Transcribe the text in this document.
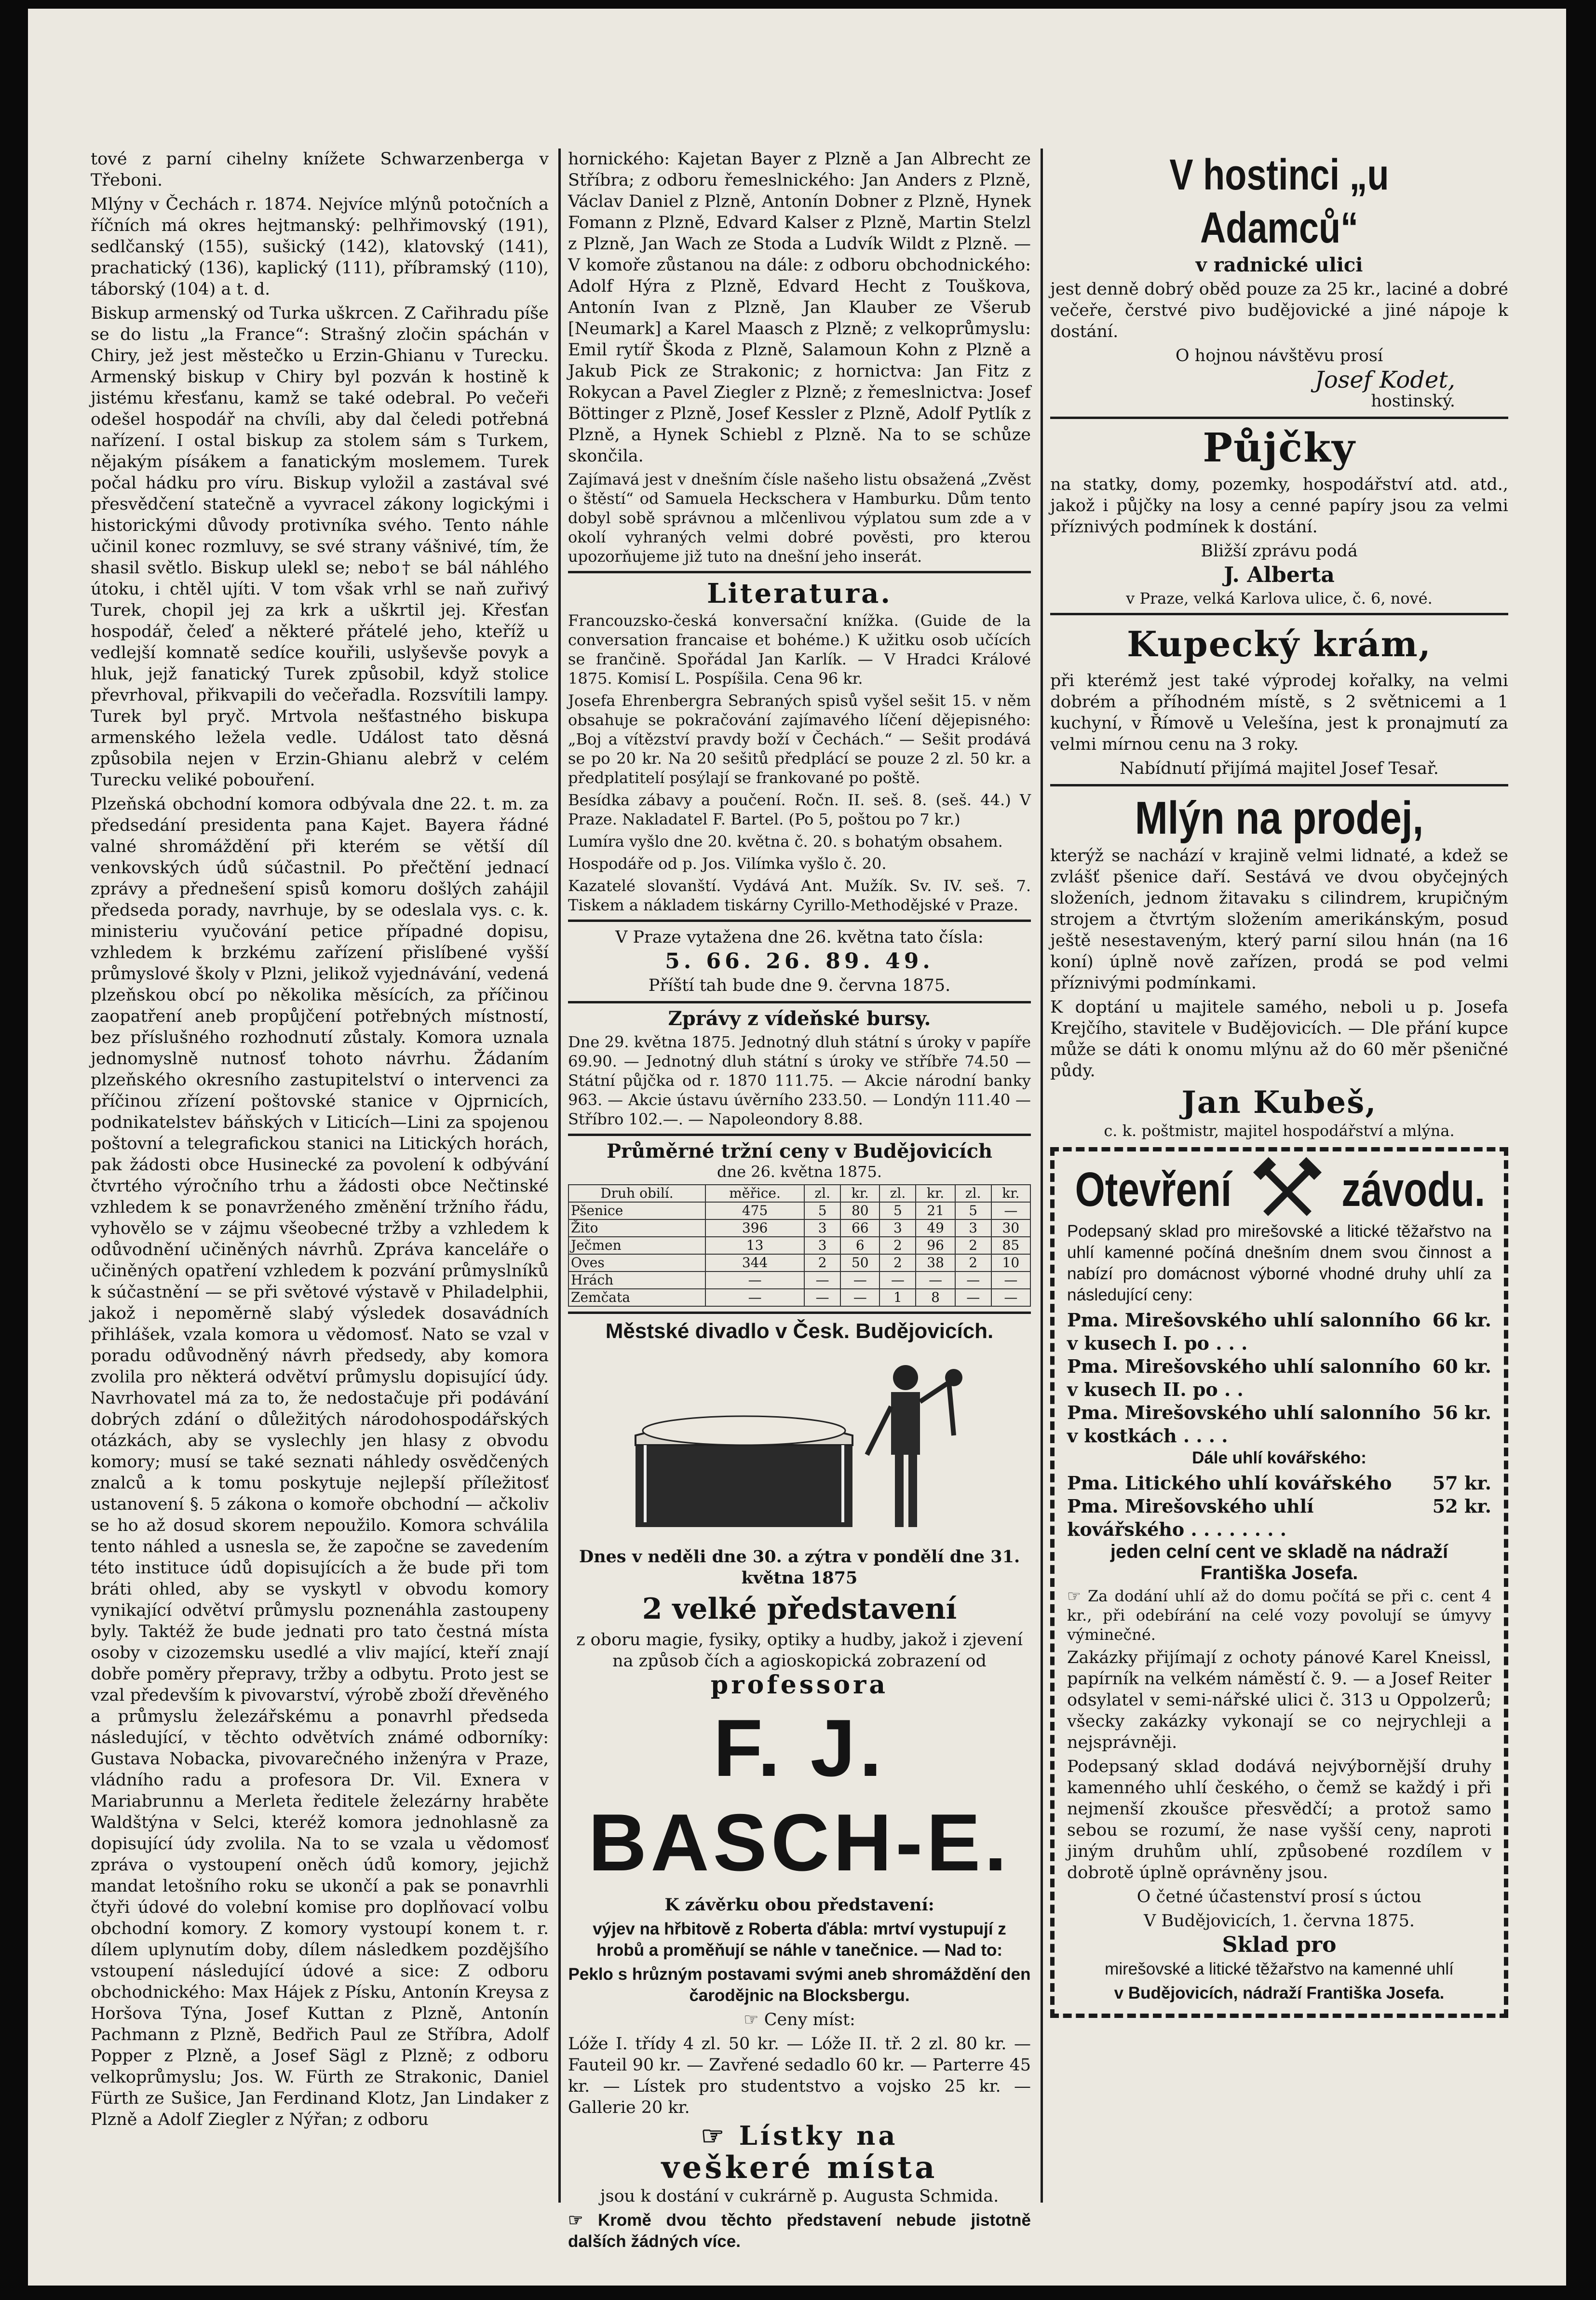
tové z parní cihelny knížete Schwarzenberga v Třeboni.

Mlýny v Čechách r. 1874. Nejvíce mlýnů potočních a říčních má okres hejtmanský: pelhřimovský (191), sedlčanský (155), sušický (142), klatovský (141), prachatický (136), kaplický (111), příbramský (110), táborský (104) a t. d.

Biskup armenský od Turka uškrcen. Z Cařihradu píše se do listu „la France“: Strašný zločin spáchán v Chiry, jež jest městečko u Erzin-Ghianu v Turecku. Armenský biskup v Chiry byl pozván k hostině k jistému křesťanu, kamž se také odebral. Po večeři odešel hospodář na chvíli, aby dal čeledi potřebná nařízení. I ostal biskup za stolem sám s Turkem, nějakým písákem a fanatickým moslemem. Turek počal hádku pro víru. Biskup vyložil a zastával své přesvědčení statečně a vyvracel zákony logickými i historickými důvody protivníka svého. Tento náhle učinil konec rozmluvy, se své strany vášnivé, tím, že shasil světlo. Biskup ulekl se; nebo† se bál náhlého útoku, i chtěl ujíti. V tom však vrhl se naň zuřivý Turek, chopil jej za krk a uškrtil jej. Křesťan hospodář, čeleď a některé přátelé jeho, kteříž u vedlejší komnatě sedíce kouřili, uslyševše povyk a hluk, jejž fanatický Turek způsobil, když stolice převrhoval, přikvapili do večeřadla. Rozsvítili lampy. Turek byl pryč. Mrtvola nešťastného biskupa armenského ležela vedle. Událost tato děsná způsobila nejen v Erzin-Ghianu alebrž v celém Turecku veliké pobouření.

Plzeňská obchodní komora odbývala dne 22. t. m. za předsedání presidenta pana Kajet. Bayera řádné valné shromáždění při kterém se větší díl venkovských údů súčastnil. Po přečtění jednací zprávy a přednešení spisů komoru došlých zahájil předseda porady, navrhuje, by se odeslala vys. c. k. ministeriu vyučování petice případné dopisu, vzhledem k brzkému zařízení přislíbené vyšší průmyslové školy v Plzni, jelikož vyjednávání, vedená plzeňskou obcí po několika měsících, za příčinou zaopatření aneb propůjčení potřebných místností, bez příslušného rozhodnutí zůstaly. Komora uznala jednomyslně nutnosť tohoto návrhu. Žádaním plzeňského okresního zastupitelství o intervenci za příčinou zřízení poštovské stanice v Ojprnicích, podnikatelstev báňských v Liticích—Lini za spojenou poštovní a telegrafickou stanici na Litických horách, pak žádosti obce Husinecké za povolení k odbývání čtvrtého výročního trhu a žádosti obce Nečtinské vzhledem k se ponavrženého změnění tržního řádu, vyhovělo se v zájmu všeobecné tržby a vzhledem k odůvodnění učiněných návrhů. Zpráva kanceláře o učiněných opatření vzhledem k pozvání průmyslníků k súčastnění — se při světové výstavě v Philadelphii, jakož i nepoměrně slabý výsledek dosavádních přihlášek, vzala komora u vědomosť. Nato se vzal v poradu odůvodněný návrh předsedy, aby komora zvolila pro některá odvětví průmyslu dopisující údy. Navrhovatel má za to, že nedostačuje při podávání dobrých zdání o důležitých národohospodářských otázkách, aby se vyslechly jen hlasy z obvodu komory; musí se také seznati náhledy osvědčených znalců a k tomu poskytuje nejlepší příležitosť ustanovení §. 5 zákona o komoře obchodní — ačkoliv se ho až dosud skorem nepoužilo. Komora schválila tento náhled a usnesla se, že započne se zavedením této instituce údů dopisujících a že bude při tom bráti ohled, aby se vyskytl v obvodu komory vynikající odvětví průmyslu poznenáhla zastoupeny byly. Taktéž že bude jednati pro tato čestná místa osoby v cizozemsku usedlé a vliv mající, kteří znají dobře poměry přepravy, tržby a odbytu. Proto jest se vzal především k pivovarství, výrobě zboží dřevěného a průmyslu železářskému a ponavrhl předseda následující, v těchto odvětvích známé odborníky: Gustava Nobacka, pivovarečného inženýra v Praze, vládního radu a profesora Dr. Vil. Exnera v Mariabrunnu a Merleta ředitele železárny hraběte Waldštýna v Selci, kteréž komora jednohlasně za dopisující údy zvolila. Na to se vzala u vědomosť zpráva o vystoupení oněch údů komory, jejichž mandat letošního roku se ukončí a pak se ponavrhli čtyři údové do volební komise pro doplňovací volbu obchodní komory. Z komory vystoupí konem t. r. dílem uplynutím doby, dílem následkem pozdějšího vstoupení následující údové a sice: Z odboru obchodnického: Max Hájek z Písku, Antonín Kreysa z Horšova Týna, Josef Kuttan z Plzně, Antonín Pachmann z Plzně, Bedřich Paul ze Stříbra, Adolf Popper z Plzně, a Josef Sägl z Plzně; z odboru velkoprůmyslu; Jos. W. Fürth ze Strakonic, Daniel Fürth ze Sušice, Jan Ferdinand Klotz, Jan Lindaker z Plzně a Adolf Ziegler z Nýřan; z odboru

hornického: Kajetan Bayer z Plzně a Jan Albrecht ze Stříbra; z odboru řemeslnického: Jan Anders z Plzně, Václav Daniel z Plzně, Antonín Dobner z Plzně, Hynek Fomann z Plzně, Edvard Kalser z Plzně, Martin Stelzl z Plzně, Jan Wach ze Stoda a Ludvík Wildt z Plzně. — V komoře zůstanou na dále: z odboru obchodnického: Adolf Hýra z Plzně, Edvard Hecht z Touškova, Antonín Ivan z Plzně, Jan Klauber ze Všerub [Neumark] a Karel Maasch z Plzně; z velkoprůmyslu: Emil rytíř Škoda z Plzně, Salamoun Kohn z Plzně a Jakub Pick ze Strakonic; z hornictva: Jan Fitz z Rokycan a Pavel Ziegler z Plzně; z řemeslnictva: Josef Böttinger z Plzně, Josef Kessler z Plzně, Adolf Pytlík z Plzně, a Hynek Schiebl z Plzně. Na to se schůze skončila.

Zajímavá jest v dnešním čísle našeho listu obsažená „Zvěst o štěstí“ od Samuela Heckschera v Hamburku. Dům tento dobyl sobě správnou a mlčenlivou výplatou sum zde a v okolí vyhraných velmi dobré pověsti, pro kterou upozorňujeme již tuto na dnešní jeho inserát.

Literatura.

Francouzsko-česká konversační knížka. (Guide de la conversation francaise et bohéme.) K užitku osob učících se frančině. Spořádal Jan Karlík. — V Hradci Králové 1875. Komisí L. Pospíšila. Cena 96 kr.

Josefa Ehrenbergra Sebraných spisů vyšel sešit 15. v něm obsahuje se pokračování zajímavého líčení dějepisného: „Boj a vítězství pravdy boží v Čechách.“ — Sešit prodává se po 20 kr. Na 20 sešitů předplácí se pouze 2 zl. 50 kr. a předplatitelí posýlají se frankované po poště.

Besídka zábavy a poučení. Ročn. II. seš. 8. (seš. 44.) V Praze. Nakladatel F. Bartel. (Po 5, poštou po 7 kr.)

Lumíra vyšlo dne 20. května č. 20. s bohatým obsahem.

Hospodáře od p. Jos. Vilímka vyšlo č. 20.

Kazatelé slovanští. Vydává Ant. Mužík. Sv. IV. seš. 7. Tiskem a nákladem tiskárny Cyrillo-Methodějské v Praze.

V Praze vytažena dne 26. května tato čísla:

5. 66. 26. 89. 49.

Příští tah bude dne 9. června 1875.

Zprávy z vídeňské bursy.

Dne 29. května 1875. Jednotný dluh státní s úroky v papíře 69.90. — Jednotný dluh státní s úroky ve stříbře 74.50 — Státní půjčka od r. 1870 111.75. — Akcie národní banky 963. — Akcie ústavu úvěrního 233.50. — Londýn 111.40 — Stříbro 102.—. — Napoleondory 8.88.

Průměrné tržní ceny v Budějovicích

dne 26. května 1875.

Druh obilí.	měřice.	zl.	kr.	zl.	kr.	zl.	kr.
Pšenice	475	5	80	5	21	5	—
Žito	396	3	66	3	49	3	30
Ječmen	13	3	6	2	96	2	85
Oves	344	2	50	2	38	2	10
Hrách	—	—	—	—	—	—	—
Zemčata	—	—	—	1	8	—	—

Městské divadlo v Česk. Budějovicích.

Dnes v neděli dne 30. a zýtra v pondělí dne 31. května 1875

2 velké představení

z oboru magie, fysiky, optiky a hudby, jakož i zjevení na způsob čích a agioskopická zobrazení od

professora

F. J. BASCH-E.

K závěrku obou představení:

výjev na hřbitově z Roberta ďábla: mrtví vystupují z hrobů a proměňují se náhle v tanečnice. — Nad to:

Peklo s hrůzným postavami svými aneb shromáždění den čarodějnic na Blocksbergu.

☞ Ceny míst:

Lóže I. třídy 4 zl. 50 kr. — Lóže II. tř. 2 zl. 80 kr. — Fauteil 90 kr. — Zavřené sedadlo 60 kr. — Parterre 45 kr. — Lístek pro studentstvo a vojsko 25 kr. — Gallerie 20 kr.

☞ Lístky na

veškeré místa

jsou k dostání v cukrárně p. Augusta Schmida.

☞ Kromě dvou těchto představení nebude jistotně dalších žádných více.

V hostinci „u Adamců“

v radnické ulici

jest denně dobrý oběd pouze za 25 kr., laciné a dobré večeře, čerstvé pivo budějovické a jiné nápoje k dostání.

O hojnou návštěvu prosí

Josef Kodet,

hostinský.

Půjčky

na statky, domy, pozemky, hospodářství atd. atd., jakož i půjčky na losy a cenné papíry jsou za velmi příznivých podmínek k dostání.

Bližší zprávu podá

J. Alberta

v Praze, velká Karlova ulice, č. 6, nové.

Kupecký krám,

při kterémž jest také výprodej kořalky, na velmi dobrém a příhodném místě, s 2 světnicemi a 1 kuchyní, v Římově u Velešína, jest k pronajmutí za velmi mírnou cenu na 3 roky.

Nabídnutí přijímá majitel Josef Tesař.

Mlýn na prodej,

kterýž se nachází v krajině velmi lidnaté, a kdež se zvlášť pšenice daří. Sestává ve dvou obyčejných složeních, jednom žitavaku s cilindrem, krupičným strojem a čtvrtým složením amerikánským, posud ještě nesestaveným, který parní silou hnán (na 16 koní) úplně nově zařízen, prodá se pod velmi příznivými podmínkami.

K doptání u majitele samého, neboli u p. Josefa Krejčího, stavitele v Budějovicích. — Dle přání kupce může se dáti k onomu mlýnu až do 60 měr pšeničné půdy.

Jan Kubeš,

c. k. poštmistr, majitel hospodářství a mlýna.

Otevření závodu.

Podepsaný sklad pro mirešovské a litické těžařstvo na uhlí kamenné počíná dnešním dnem svou činnost a nabízí pro domácnost výborné vhodné druhy uhlí za následující ceny:

Pma. Mirešovského uhlí salonního v kusech I. po . . .
66 kr.
Pma. Mirešovského uhlí salonního v kusech II. po . .
60 kr.
Pma. Mirešovského uhlí salonního v kostkách . . . .
56 kr.

Dále uhlí kovářského:

Pma. Litického uhlí kovářského 57 kr.
Pma. Mirešovského uhlí kovářského . . . . . . . .
52 kr.

jeden celní cent ve skladě na nádraží Františka Josefa.

☞ Za dodání uhlí až do domu počítá se při c. cent 4 kr., při odebírání na celé vozy povolují se úmyvy výminečné.

Zakázky přijímají z ochoty pánové Karel Kneissl, papírník na velkém náměstí č. 9. — a Josef Reiter odsylatel v semi-nářské ulici č. 313 u Oppolzerů; všecky zakázky vykonají se co nejrychleji a nejsprávněji.

Podepsaný sklad dodává nejvýbornější druhy kamenného uhlí českého, o čemž se každý i při nejmenší zkoušce přesvědčí; a protož samo sebou se rozumí, že nase vyšší ceny, naproti jiným druhům uhlí, způsobené rozdílem v dobrotě úplně oprávněny jsou.

O četné účastenství prosí s úctou

V Budějovicích, 1. června 1875.

Sklad pro

mirešovské a litické těžařstvo na kamenné uhlí

v Budějovicích, nádraží Františka Josefa.
